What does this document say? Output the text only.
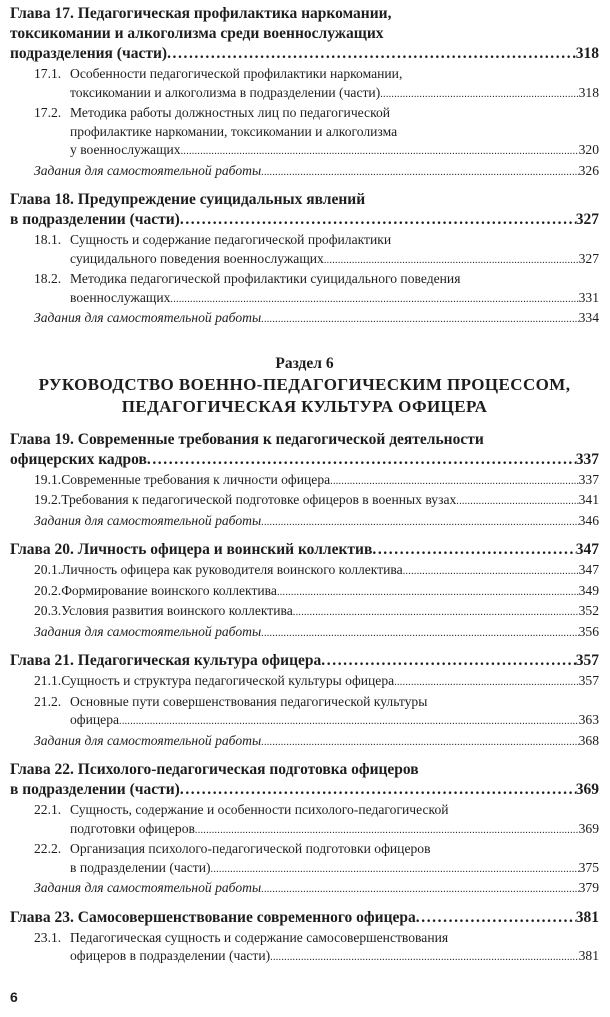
Глава 17. Педагогическая профилактика наркомании,
токсикомании и алкоголизма среди военнослужащих
подразделения (части) .....	318
17.1. Особенности педагогической профилактики наркомании,
токсикомании и алкоголизма в подразделении (части) .....	318
17.2. Методика работы должностных лиц по педагогической
профилактике наркомании, токсикомании и алкоголизма
у военнослужащих .....	320
Задания для самостоятельной работы .....	326
Глава 18. Предупреждение суицидальных явлений
в подразделении (части) .....	327
18.1. Сущность и содержание педагогической профилактики
суицидального поведения военнослужащих .....	327
18.2. Методика педагогической профилактики суицидального поведения
военнослужащих .....	331
Задания для самостоятельной работы .....	334
Раздел 6
РУКОВОДСТВО ВОЕННО-ПЕДАГОГИЧЕСКИМ ПРОЦЕССОМ,
ПЕДАГОГИЧЕСКАЯ КУЛЬТУРА ОФИЦЕРА
Глава 19. Современные требования к педагогической деятельности
офицерских кадров .....	337
19.1. Современные требования к личности офицера .....	337
19.2. Требования к педагогической подготовке офицеров в военных вузах .....	341
Задания для самостоятельной работы .....	346
Глава 20. Личность офицера и воинский коллектив .....	347
20.1. Личность офицера как руководителя воинского коллектива .....	347
20.2. Формирование воинского коллектива .....	349
20.3. Условия развития воинского коллектива .....	352
Задания для самостоятельной работы .....	356
Глава 21. Педагогическая культура офицера .....	357
21.1. Сущность и структура педагогической культуры офицера .....	357
21.2. Основные пути совершенствования педагогической культуры
офицера .....	363
Задания для самостоятельной работы .....	368
Глава 22. Психолого-педагогическая подготовка офицеров
в подразделении (части) .....	369
22.1. Сущность, содержание и особенности психолого-педагогической
подготовки офицеров .....	369
22.2. Организация психолого-педагогической подготовки офицеров
в подразделении (части) .....	375
Задания для самостоятельной работы .....	379
Глава 23. Самосовершенствование современного офицера .....	381
23.1. Педагогическая сущность и содержание самосовершенствования
офицеров в подразделении (части) .....	381
6
